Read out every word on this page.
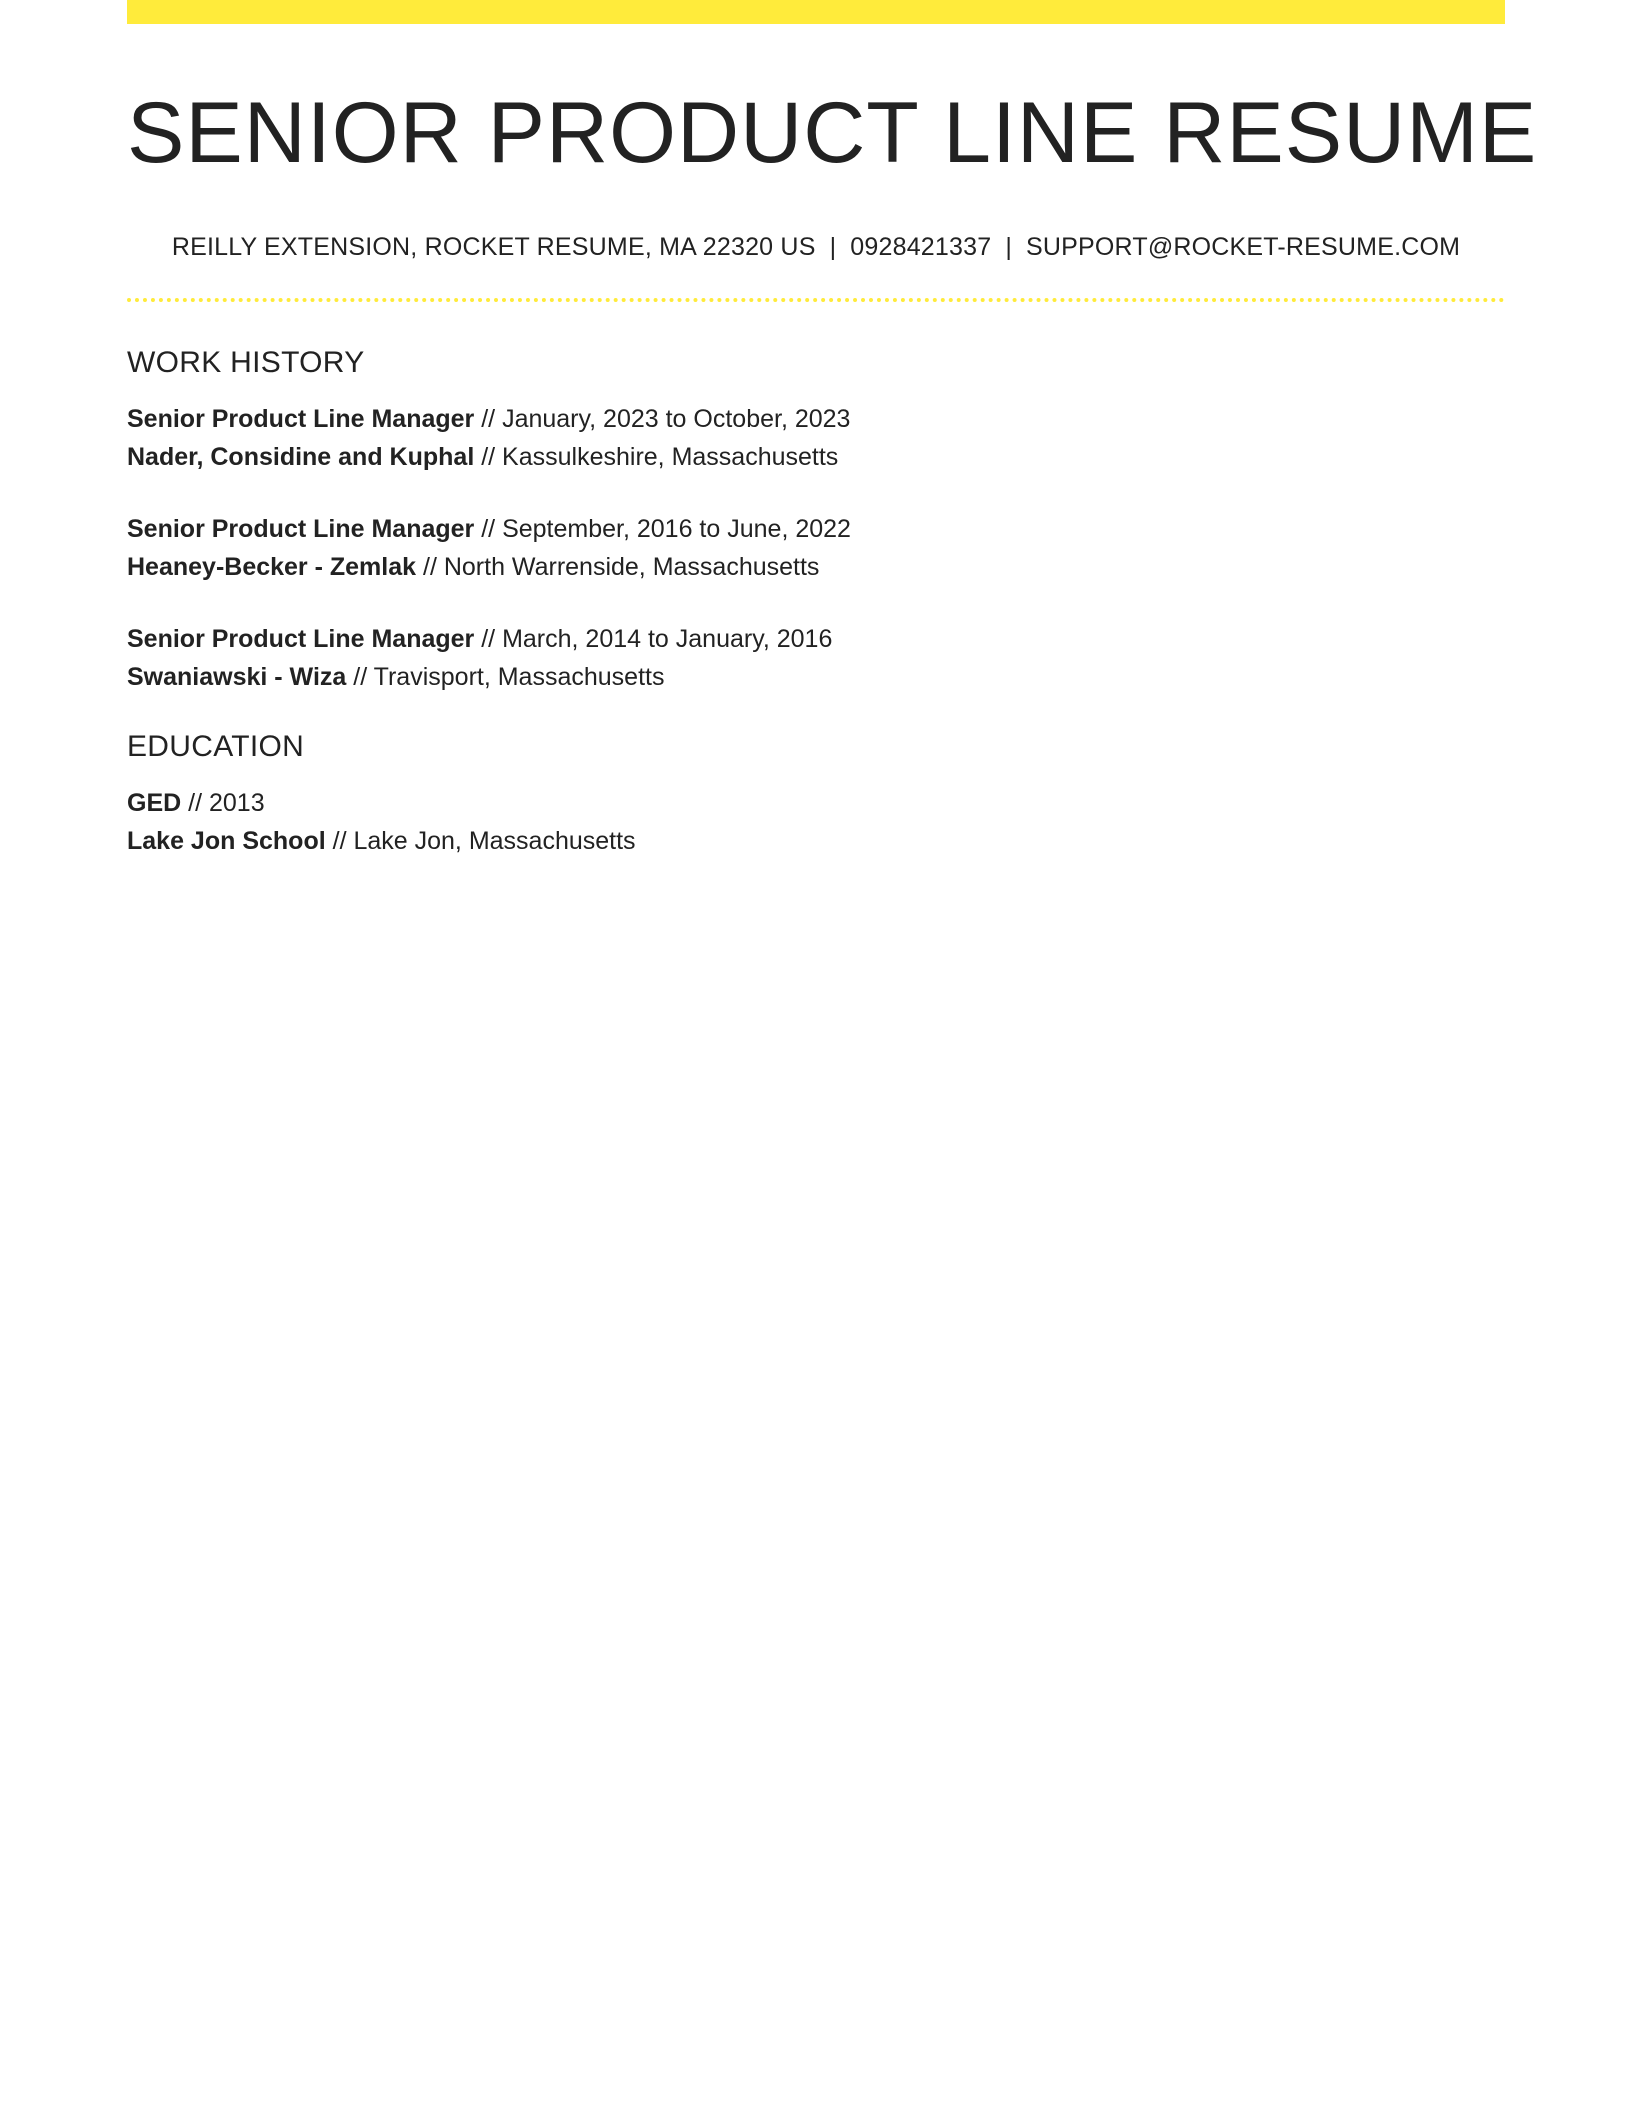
SENIOR PRODUCT LINE RESUME
REILLY EXTENSION, ROCKET RESUME, MA 22320 US | 0928421337 | SUPPORT@ROCKET-RESUME.COM
WORK HISTORY
Senior Product Line Manager // January, 2023 to October, 2023
Nader, Considine and Kuphal // Kassulkeshire, Massachusetts
Senior Product Line Manager // September, 2016 to June, 2022
Heaney-Becker - Zemlak // North Warrenside, Massachusetts
Senior Product Line Manager // March, 2014 to January, 2016
Swaniawski - Wiza // Travisport, Massachusetts
EDUCATION
GED // 2013
Lake Jon School // Lake Jon, Massachusetts
